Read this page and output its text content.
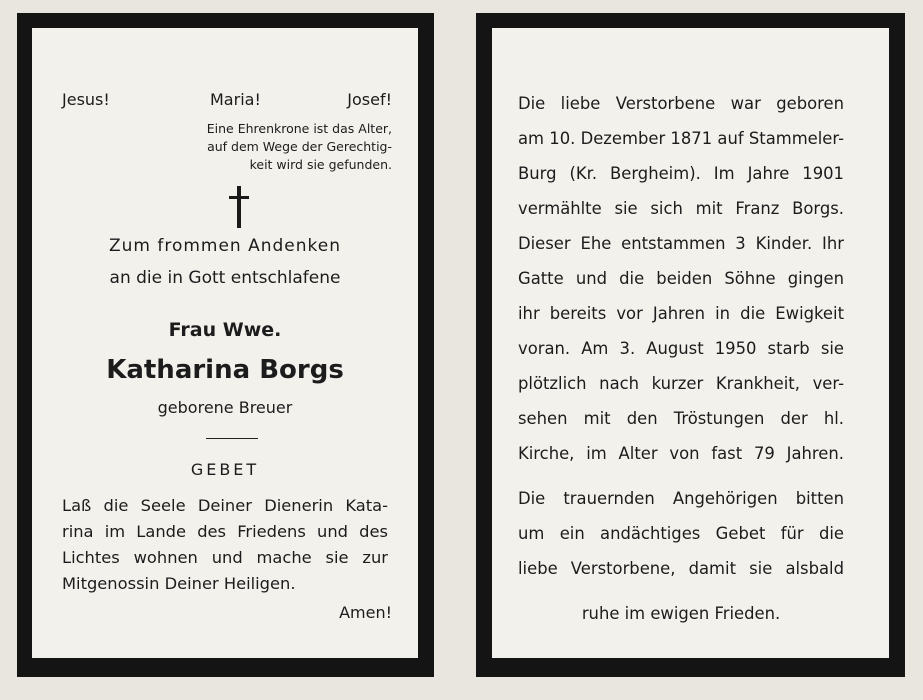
Jesus!	Maria!	Josef!
Eine Ehrenkrone ist das Alter,
auf dem Wege der Gerechtig-
keit wird sie gefunden.
Zum frommen Andenken
an die in Gott entschlafene
Frau Wwe.
Katharina Borgs
geborene Breuer
GEBET
Laß die Seele Deiner Dienerin Kata-
rina im Lande des Friedens und des
Lichtes wohnen und mache sie zur
Mitgenossin Deiner Heiligen.
Amen!
Die liebe Verstorbene war geboren
am 10. Dezember 1871 auf Stammeler-
Burg (Kr. Bergheim). Im Jahre 1901
vermählte sie sich mit Franz Borgs.
Dieser Ehe entstammen 3 Kinder. Ihr
Gatte und die beiden Söhne gingen
ihr bereits vor Jahren in die Ewigkeit
voran. Am 3. August 1950 starb sie
plötzlich nach kurzer Krankheit, ver-
sehen mit den Tröstungen der hl.
Kirche, im Alter von fast 79 Jahren.
Die trauernden Angehörigen bitten
um ein andächtiges Gebet für die
liebe Verstorbene, damit sie alsbald
ruhe im ewigen Frieden.
